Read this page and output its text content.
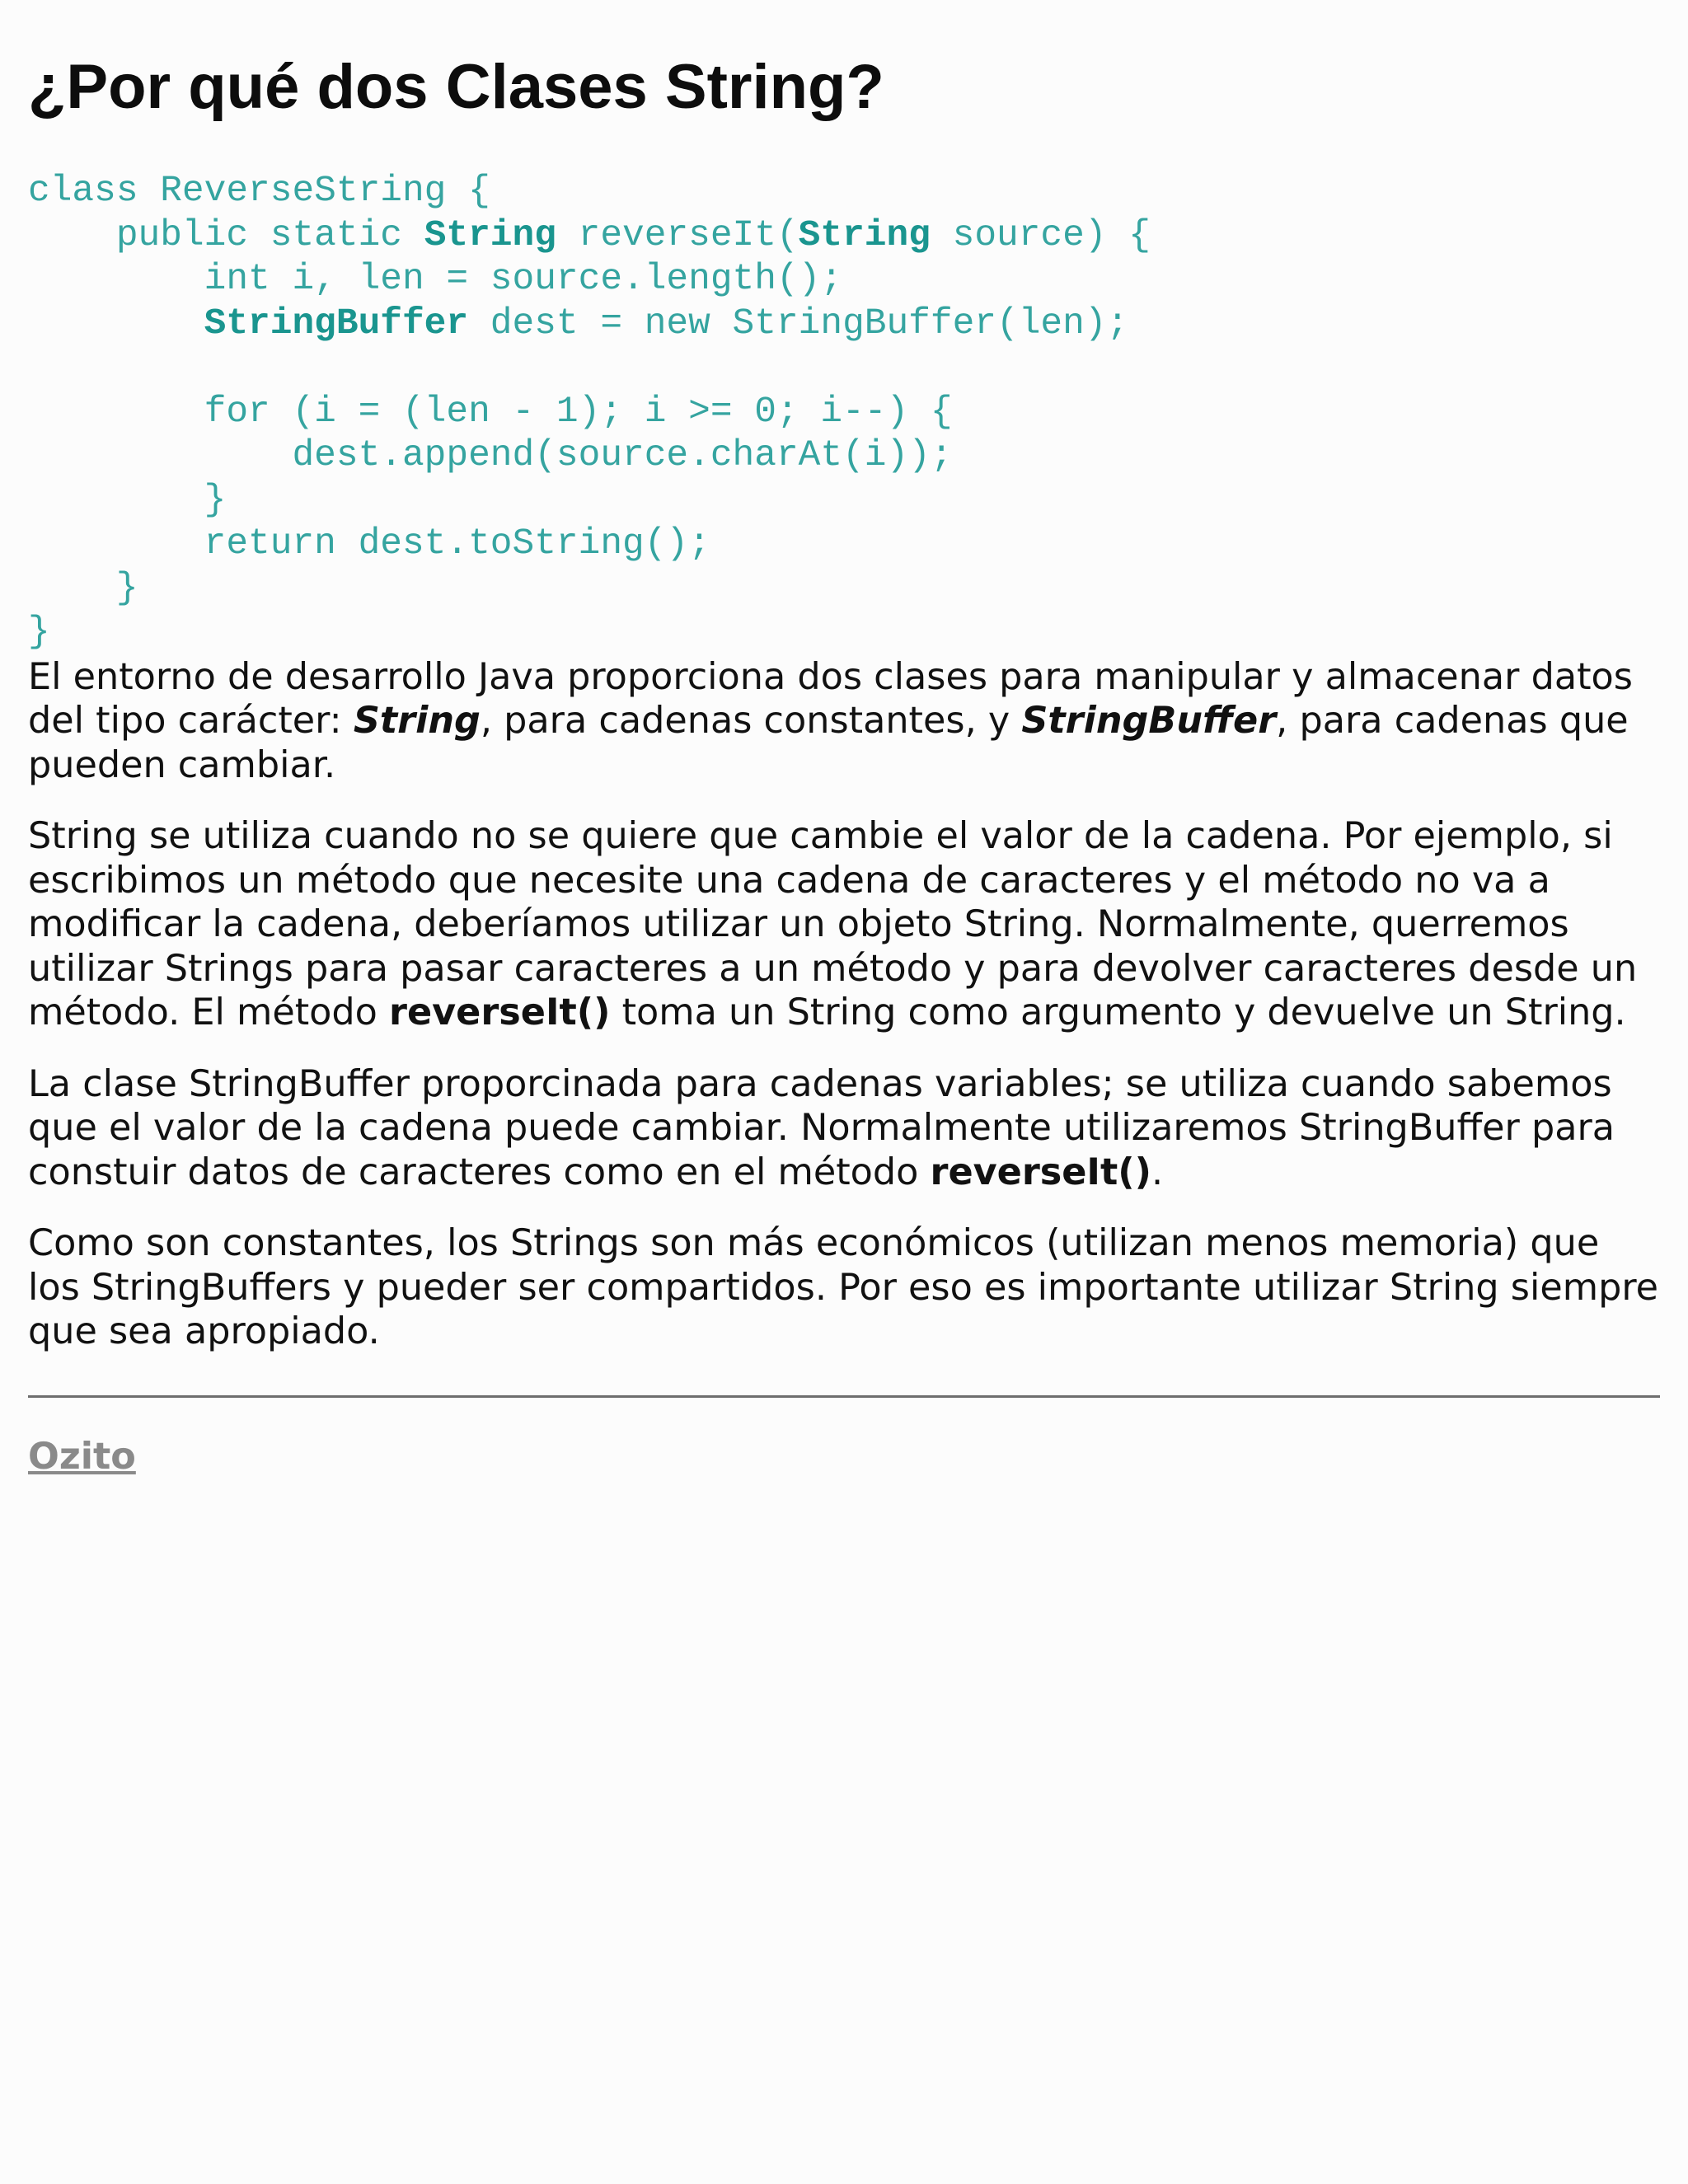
¿Por qué dos Clases String?
class ReverseString {
public static String reverseIt(String source) {
int i, len = source.length();
StringBuffer dest = new StringBuffer(len);

for (i = (len - 1); i >= 0; i--) {
dest.append(source.charAt(i));
}
return dest.toString();
}
}

El entorno de desarrollo Java proporciona dos clases para manipular y almacenar datos del tipo carácter: String, para cadenas constantes, y StringBuffer, para cadenas que pueden cambiar.

String se utiliza cuando no se quiere que cambie el valor de la cadena. Por ejemplo, si escribimos un método que necesite una cadena de caracteres y el método no va a modificar la cadena, deberíamos utilizar un objeto String. Normalmente, querremos utilizar Strings para pasar caracteres a un método y para devolver caracteres desde un método. El método reverseIt() toma un String como argumento y devuelve un String.

La clase StringBuffer proporcinada para cadenas variables; se utiliza cuando sabemos que el valor de la cadena puede cambiar. Normalmente utilizaremos StringBuffer para constuir datos de caracteres como en el método reverseIt().

Como son constantes, los Strings son más económicos (utilizan menos memoria) que los StringBuffers y pueder ser compartidos. Por eso es importante utilizar String siempre que sea apropiado.

Ozito
